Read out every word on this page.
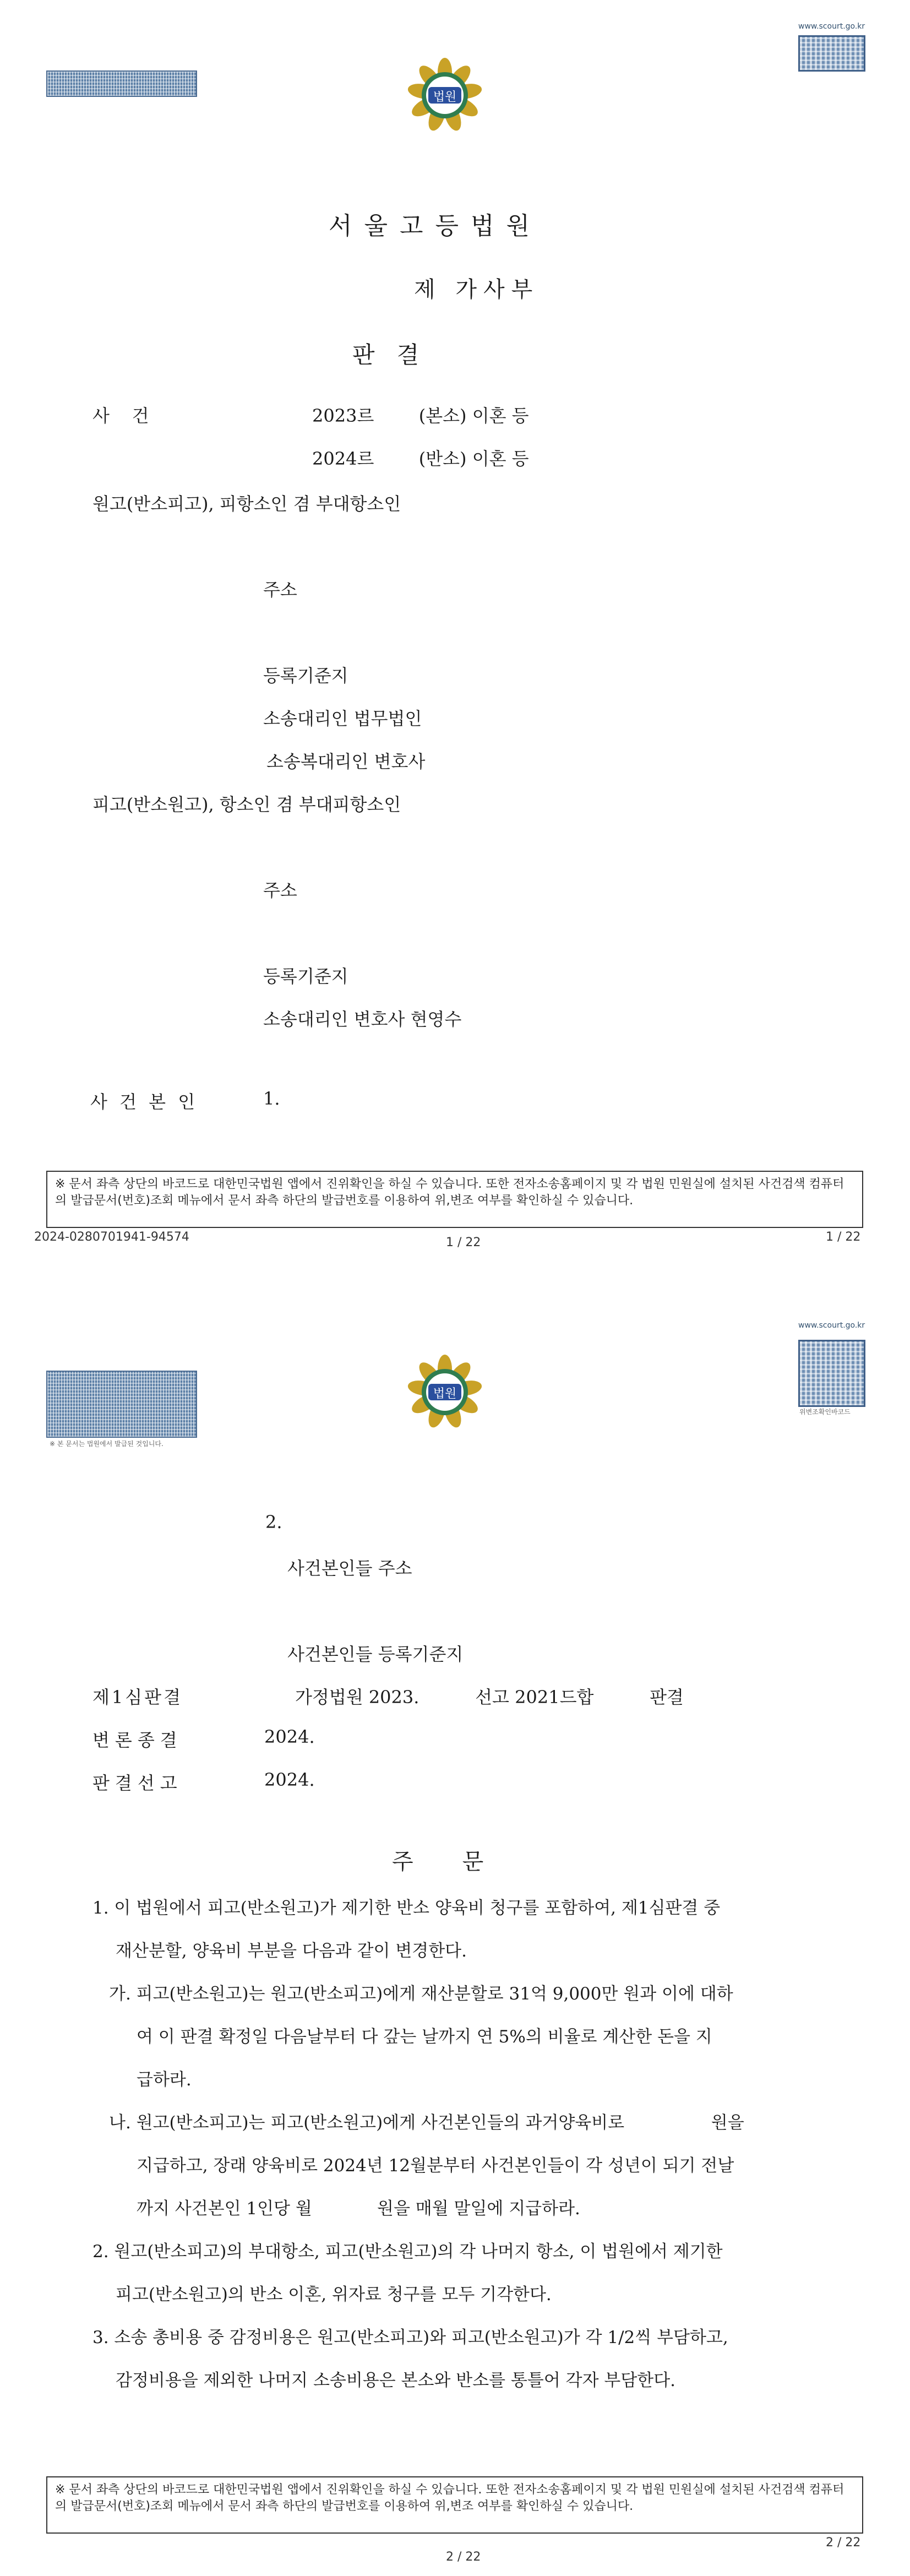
www.scourt.go.kr
법원
서울고등법원
제 가사부
판   결
사    건	2023르        (본소) 이혼 등
2024르        (반소) 이혼 등
원고(반소피고), 피항소인 겸 부대항소인
주소
등록기준지
소송대리인 법무법인
소송복대리인 변호사
피고(반소원고), 항소인 겸 부대피항소인
주소
등록기준지
소송대리인 변호사 현영수
사 건 본 인	1.
※ 문서 좌측 상단의 바코드로 대한민국법원 앱에서 진위확인을 하실 수 있습니다. 또한 전자소송홈페이지 및 각 법원 민원실에 설치된 사건검색 컴퓨터의 발급문서(번호)조회 메뉴에서 문서 좌측 하단의 발급번호를 이용하여 위,변조 여부를 확인하실 수 있습니다.
2024-0280701941-94574	1 / 22	1 / 22
www.scourt.go.kr
※ 본 문서는 법원에서 발급된 것입니다.
위변조확인바코드
법원
2.
사건본인들 주소
사건본인들 등록기준지
제1심판결	가정법원 2023.          선고 2021드합          판결
변론종결	2024.
판결선고	2024.
주       문
1. 이 법원에서 피고(반소원고)가 제기한 반소 양육비 청구를 포함하여, 제1심판결 중
재산분할, 양육비 부분을 다음과 같이 변경한다.
가. 피고(반소원고)는 원고(반소피고)에게 재산분할로 31억 9,000만 원과 이에 대하
여 이 판결 확정일 다음날부터 다 갚는 날까지 연 5%의 비율로 계산한 돈을 지
급하라.
나. 원고(반소피고)는 피고(반소원고)에게 사건본인들의 과거양육비로                원을
지급하고, 장래 양육비로 2024년 12월분부터 사건본인들이 각 성년이 되기 전날
까지 사건본인 1인당 월            원을 매월 말일에 지급하라.
2. 원고(반소피고)의 부대항소, 피고(반소원고)의 각 나머지 항소, 이 법원에서 제기한
피고(반소원고)의 반소 이혼, 위자료 청구를 모두 기각한다.
3. 소송 총비용 중 감정비용은 원고(반소피고)와 피고(반소원고)가 각 1/2씩 부담하고,
감정비용을 제외한 나머지 소송비용은 본소와 반소를 통틀어 각자 부담한다.
※ 문서 좌측 상단의 바코드로 대한민국법원 앱에서 진위확인을 하실 수 있습니다. 또한 전자소송홈페이지 및 각 법원 민원실에 설치된 사건검색 컴퓨터의 발급문서(번호)조회 메뉴에서 문서 좌측 하단의 발급번호를 이용하여 위,변조 여부를 확인하실 수 있습니다.
2 / 22
2 / 22
